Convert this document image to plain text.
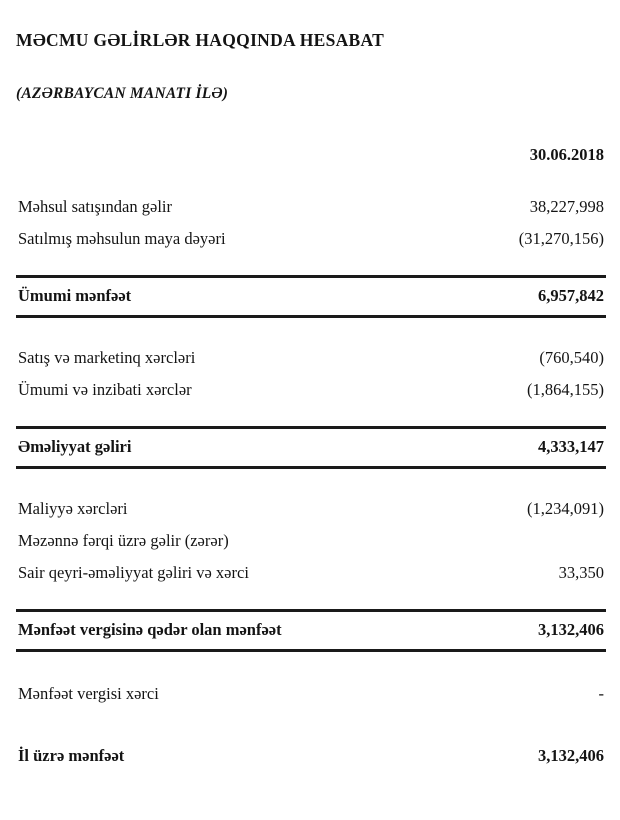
MƏCMU GƏLİRLƏR HAQQINDA HESABAT
(AZƏRBAYCAN MANATI İLƏ)
30.06.2018
Məhsul satışından gəlir	38,227,998
Satılmış məhsulun maya dəyəri	(31,270,156)
Ümumi mənfəət	6,957,842
Satış və marketinq xərcləri	(760,540)
Ümumi və inzibati xərclər	(1,864,155)
Əməliyyat gəliri	4,333,147
Maliyyə xərcləri	(1,234,091)
Məzənnə fərqi üzrə gəlir (zərər)
Sair qeyri-əməliyyat gəliri və xərci	33,350
Mənfəət vergisinə qədər olan mənfəət	3,132,406
Mənfəət vergisi xərci	-
İl üzrə mənfəət	3,132,406
